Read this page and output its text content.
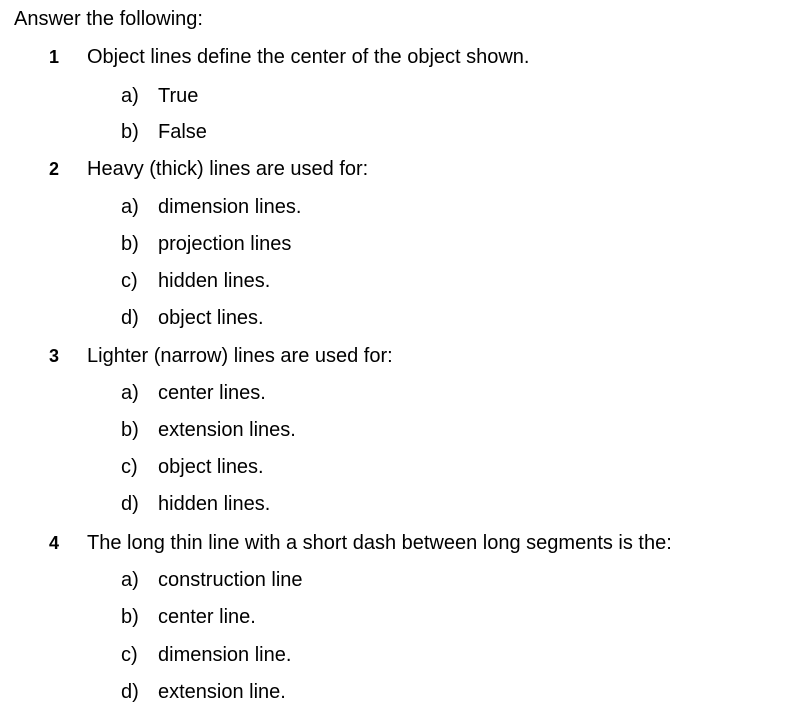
Answer the following:
1 Object lines define the center of the object shown.
a) True
b) False
2 Heavy (thick) lines are used for:
a) dimension lines.
b) projection lines
c) hidden lines.
d) object lines.
3 Lighter (narrow) lines are used for:
a) center lines.
b) extension lines.
c) object lines.
d) hidden lines.
4 The long thin line with a short dash between long segments is the:
a) construction line
b) center line.
c) dimension line.
d) extension line.
